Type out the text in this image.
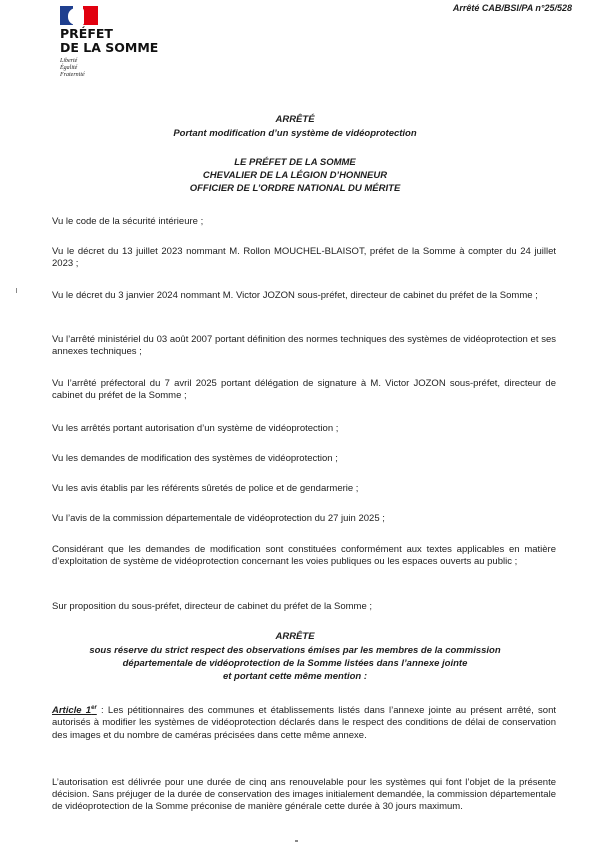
Arrêté CAB/BSI/PA n°25/528
PRÉFET
DE LA SOMME
Liberté
Égalité
Fraternité
ARRÊTÉ
Portant modification d’un système de vidéoprotection
LE PRÉFET DE LA SOMME
CHEVALIER DE LA LÉGION D’HONNEUR
OFFICIER DE L’ORDRE NATIONAL DU MÉRITE
Vu le code de la sécurité intérieure ;
Vu le décret du 13 juillet 2023 nommant M. Rollon MOUCHEL-BLAISOT, préfet de la Somme à compter du 24 juillet 2023 ;
Vu le décret du 3 janvier 2024 nommant M. Victor JOZON sous-préfet, directeur de cabinet du préfet de la Somme ;
Vu l’arrêté ministériel du 03 août 2007 portant définition des normes techniques des systèmes de vidéoprotection et ses annexes techniques ;
Vu l’arrêté préfectoral du 7 avril 2025 portant délégation de signature à M. Victor JOZON sous-préfet, directeur de cabinet du préfet de la Somme ;
Vu les arrêtés portant autorisation d’un système de vidéoprotection ;
Vu les demandes de modification des systèmes de vidéoprotection ;
Vu les avis établis par les référents sûretés de police et de gendarmerie ;
Vu l’avis de la commission départementale de vidéoprotection du 27 juin 2025 ;
Considérant que les demandes de modification sont constituées conformément aux textes applicables en matière d’exploitation de système de vidéoprotection concernant les voies publiques ou les espaces ouverts au public ;
Sur proposition du sous-préfet, directeur de cabinet du préfet de la Somme ;
ARRÊTE
sous réserve du strict respect des observations émises par les membres de la commission
départementale de vidéoprotection de la Somme listées dans l’annexe jointe
et portant cette même mention :
Article 1er : Les pétitionnaires des communes et établissements listés dans l’annexe jointe au présent arrêté, sont autorisés à modifier les systèmes de vidéoprotection déclarés dans le respect des conditions de délai de conservation des images et du nombre de caméras précisées dans cette même annexe.
L’autorisation est délivrée pour une durée de cinq ans renouvelable pour les systèmes qui font l’objet de la présente décision. Sans préjuger de la durée de conservation des images initialement demandée, la commission départementale de vidéoprotection de la Somme préconise de manière générale cette durée à 30 jours maximum.
